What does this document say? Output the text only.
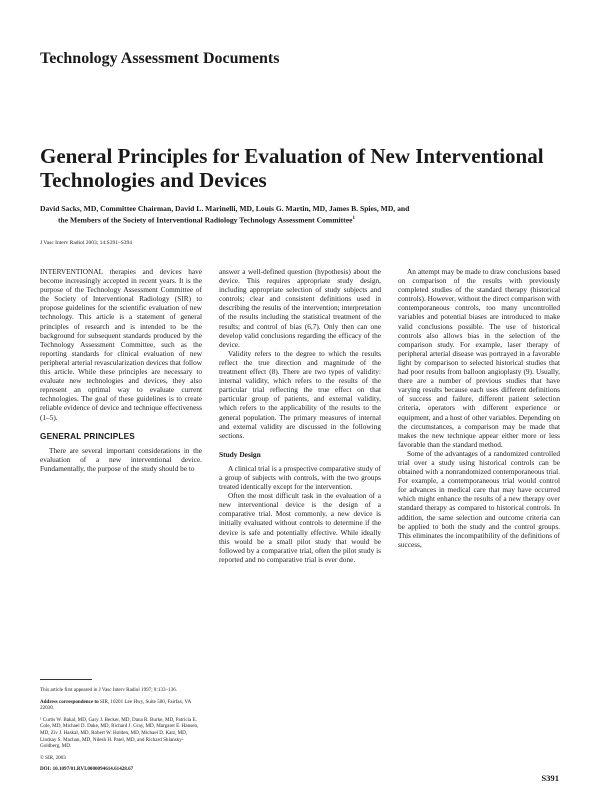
Technology Assessment Documents
General Principles for Evaluation of New Interventional Technologies and Devices
David Sacks, MD, Committee Chairman, David L. Marinelli, MD, Louis G. Martin, MD, James B. Spies, MD, and
the Members of the Society of Interventional Radiology Technology Assessment Committee$^1$
J Vasc Interv Radiol 2003; 14:S391–S394

INTERVENTIONAL therapies and devices have become increasingly accepted in recent years. It is the purpose of the Technology Assessment Committee of the Society of Interventional Radiology (SIR) to propose guidelines for the scientific evaluation of new technology. This article is a statement of general principles of research and is intended to be the background for subsequent standards produced by the Technology Assessment Committee, such as the reporting standards for clinical evaluation of new peripheral arterial revascularization devices that follow this article. While these principles are necessary to evaluate new technologies and devices, they also represent an optimal way to evaluate current technologies. The goal of these guidelines is to create reliable evidence of device and technique effectiveness (1–5).

GENERAL PRINCIPLES

There are several important considerations in the evaluation of a new interventional device. Fundamentally, the purpose of the study should be to

answer a well-defined question (hypothesis) about the device. This requires appropriate study design, including appropriate selection of study subjects and controls; clear and consistent definitions used in describing the results of the intervention; interpretation of the results including the statistical treatment of the results; and control of bias (6,7). Only then can one develop valid conclusions regarding the efficacy of the device.

Validity refers to the degree to which the results reflect the true direction and magnitude of the treatment effect (8). There are two types of validity: internal validity, which refers to the results of the particular trial reflecting the true effect on that particular group of patients, and external validity, which refers to the applicability of the results to the general population. The primary measures of internal and external validity are discussed in the following sections.

Study Design

A clinical trial is a prospective comparative study of a group of subjects with controls, with the two groups treated identically except for the intervention.

Often the most difficult task in the evaluation of a new interventional device is the design of a comparative trial. Most commonly, a new device is initially evaluated without controls to determine if the device is safe and potentially effective. While ideally this would be a small pilot study that would be followed by a comparative trial, often the pilot study is reported and no comparative trial is ever done.

An attempt may be made to draw conclusions based on comparison of the results with previously completed studies of the standard therapy (historical controls). However, without the direct comparison with contemporaneous controls, too many uncontrolled variables and potential biases are introduced to make valid conclusions possible. The use of historical controls also allows bias in the selection of the comparison study. For example, laser therapy of peripheral arterial disease was portrayed in a favorable light by comparison to selected historical studies that had poor results from balloon angioplasty (9). Usually, there are a number of previous studies that have varying results because each uses different definitions of success and failure, different patient selection criteria, operators with different experience or equipment, and a host of other variables. Depending on the circumstances, a comparison may be made that makes the new technique appear either more or less favorable than the standard method.

Some of the advantages of a randomized controlled trial over a study using historical controls can be obtained with a nonrandomized contemporaneous trial. For example, a contemporaneous trial would control for advances in medical care that may have occurred which might enhance the results of a new therapy over standard therapy as compared to historical controls. In addition, the same selection and outcome criteria can be applied to both the study and the control groups. This eliminates the incompatibility of the definitions of success,

This article first appeared in J Vasc Interv Radiol 1997; 8:133–136.

Address correspondence to SIR, 10201 Lee Hwy, Suite 500, Fairfax, VA 22030.

¹ Curtis W. Bakal, MD, Gary J. Becker, MD, Dana R. Burke, MD, Patricia E. Cole, MD, Michael D. Dake, MD, Richard J. Gray, MD, Margaret E. Hansen, MD, Ziv J. Haskal, MD, Robert W. Holden, MD, Michael D. Katz, MD, Lindsay S. Machan, MD, Nilesh H. Patel, MD, and Richard Shlansky-Goldberg, MD.

© SIR, 2003

DOI: 10.1097/01.RVI.0000094614.61428.67

S391
